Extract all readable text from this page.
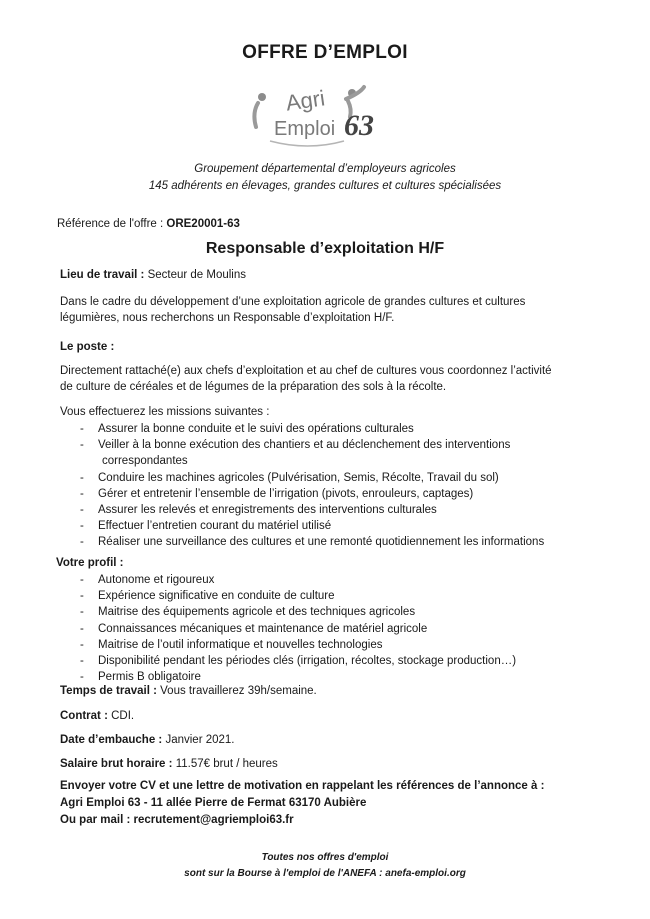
OFFRE D’EMPLOI
Agri
Emploi 63
Groupement départemental d’employeurs agricoles
145 adhérents en élevages, grandes cultures et cultures spécialisées
Référence de l'offre : ORE20001-63
Responsable d’exploitation H/F
Lieu de travail : Secteur de Moulins
Dans le cadre du développement d’une exploitation agricole de grandes cultures et cultures
légumières, nous recherchons un Responsable d’exploitation H/F.
Le poste :
Directement rattaché(e) aux chefs d’exploitation et au chef de cultures vous coordonnez l’activité
de culture de céréales et de légumes de la préparation des sols à la récolte.
Vous effectuerez les missions suivantes :
- Assurer la bonne conduite et le suivi des opérations culturales
- Veiller à la bonne exécution des chantiers et au déclenchement des interventions
correspondantes
- Conduire les machines agricoles (Pulvérisation, Semis, Récolte, Travail du sol)
- Gérer et entretenir l’ensemble de l’irrigation (pivots, enrouleurs, captages)
- Assurer les relevés et enregistrements des interventions culturales
- Effectuer l’entretien courant du matériel utilisé
- Réaliser une surveillance des cultures et une remonté quotidiennement les informations
Votre profil :
- Autonome et rigoureux
- Expérience significative en conduite de culture
- Maitrise des équipements agricole et des techniques agricoles
- Connaissances mécaniques et maintenance de matériel agricole
- Maitrise de l’outil informatique et nouvelles technologies
- Disponibilité pendant les périodes clés (irrigation, récoltes, stockage production…)
- Permis B obligatoire
Temps de travail : Vous travaillerez 39h/semaine.
Contrat : CDI.
Date d’embauche : Janvier 2021.
Salaire brut horaire : 11.57€ brut / heures
Envoyer votre CV et une lettre de motivation en rappelant les références de l’annonce à :
Agri Emploi 63 - 11 allée Pierre de Fermat 63170 Aubière
Ou par mail : recrutement@agriemploi63.fr
Toutes nos offres d'emploi
sont sur la Bourse à l'emploi de l'ANEFA : anefa-emploi.org
